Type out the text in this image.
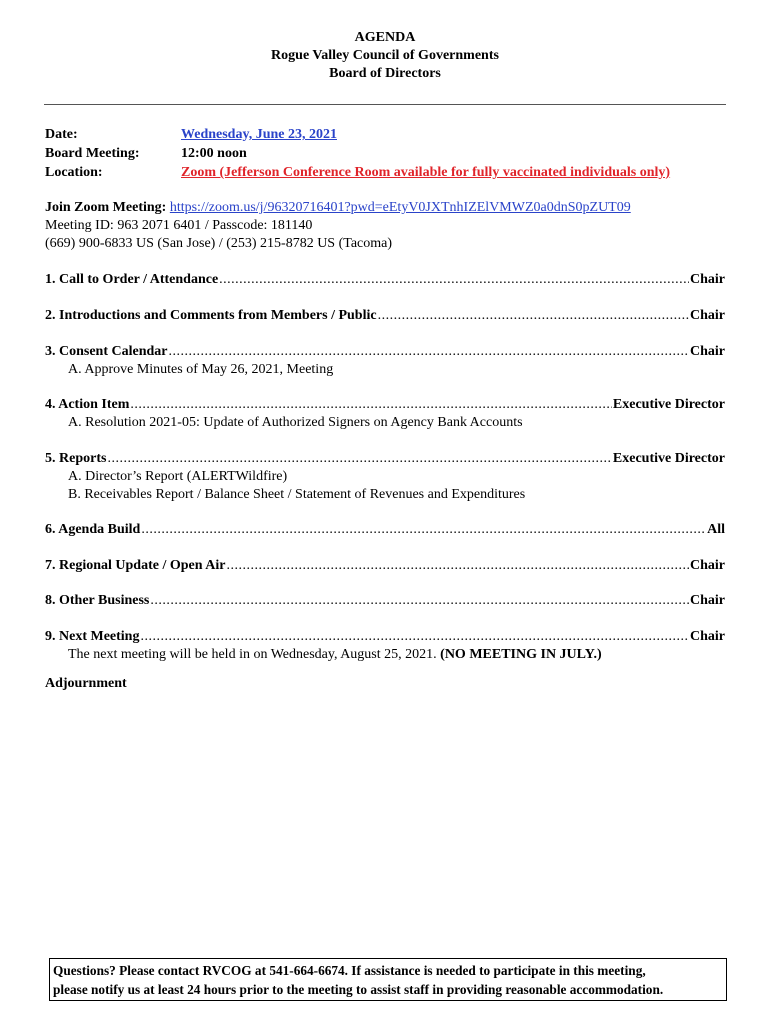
AGENDA
Rogue Valley Council of Governments
Board of Directors
Date:	Wednesday, June 23, 2021
Board Meeting:	12:00 noon
Location:	Zoom (Jefferson Conference Room available for fully vaccinated individuals only)
Join Zoom Meeting: https://zoom.us/j/96320716401?pwd=eEtyV0JXTnhIZElVMWZ0a0dnS0pZUT09
Meeting ID: 963 2071 6401 / Passcode: 181140
(669) 900-6833 US (San Jose) / (253) 215-8782 US (Tacoma)
1. Call to Order / Attendance .....	Chair
2. Introductions and Comments from Members / Public .....	Chair
3. Consent Calendar .....	Chair
A. Approve Minutes of May 26, 2021, Meeting
4. Action Item .....	Executive Director
A. Resolution 2021-05: Update of Authorized Signers on Agency Bank Accounts
5. Reports .....	Executive Director
A. Director’s Report (ALERTWildfire)
B. Receivables Report / Balance Sheet / Statement of Revenues and Expenditures
6. Agenda Build .....	All
7. Regional Update / Open Air .....	Chair
8. Other Business .....	Chair
9. Next Meeting .....	Chair
The next meeting will be held in on Wednesday, August 25, 2021. (NO MEETING IN JULY.)
Adjournment
Questions? Please contact RVCOG at 541-664-6674. If assistance is needed to participate in this meeting,
please notify us at least 24 hours prior to the meeting to assist staff in providing reasonable accommodation.
